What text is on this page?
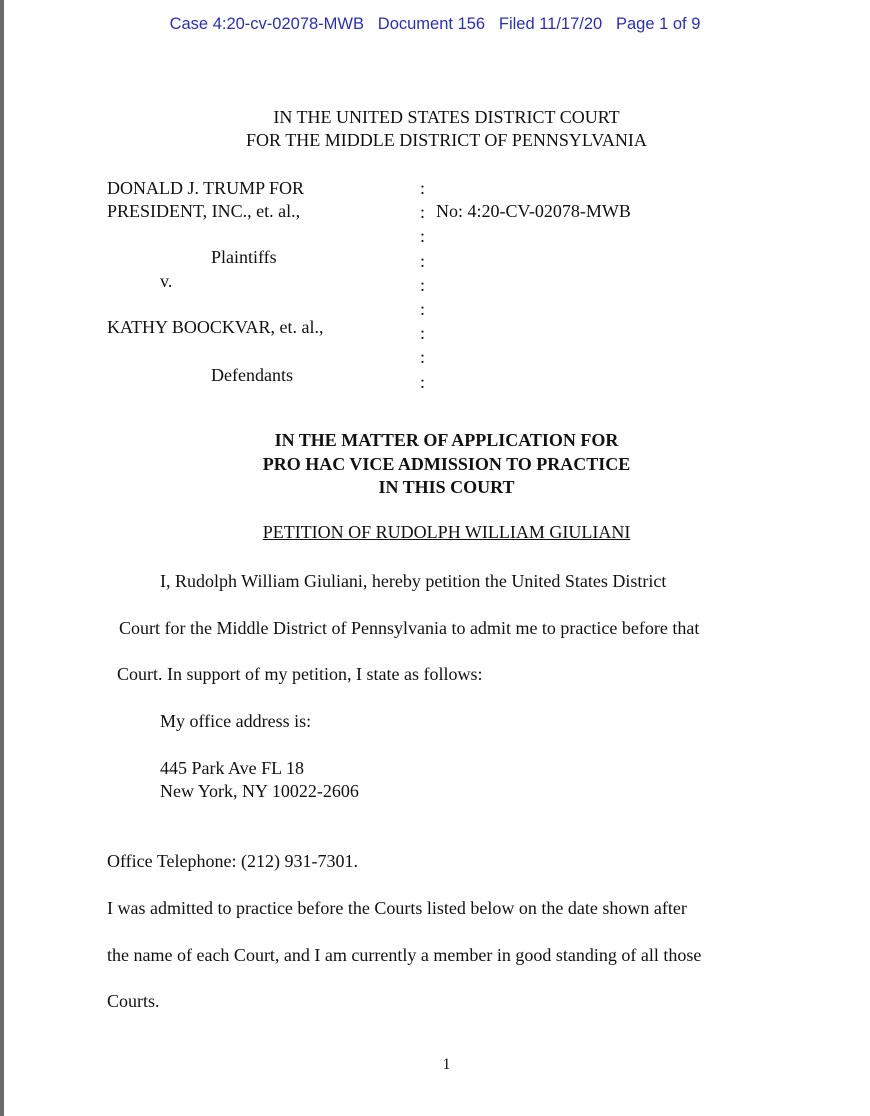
Case 4:20-cv-02078-MWB Document 156 Filed 11/17/20 Page 1 of 9
IN THE UNITED STATES DISTRICT COURT
FOR THE MIDDLE DISTRICT OF PENNSYLVANIA
DONALD J. TRUMP FOR
PRESIDENT, INC., et. al.,	No: 4:20-CV-02078-MWB
Plaintiffs
v.
KATHY BOOCKVAR, et. al.,
Defendants
:
:
:
:
:
:
:
:
:
IN THE MATTER OF APPLICATION FOR
PRO HAC VICE ADMISSION TO PRACTICE
IN THIS COURT
PETITION OF RUDOLPH WILLIAM GIULIANI
I, Rudolph William Giuliani, hereby petition the United States District
Court for the Middle District of Pennsylvania to admit me to practice before that
Court. In support of my petition, I state as follows:
My office address is:
445 Park Ave FL 18
New York, NY 10022-2606
Office Telephone: (212) 931-7301.
I was admitted to practice before the Courts listed below on the date shown after
the name of each Court, and I am currently a member in good standing of all those
Courts.
1
